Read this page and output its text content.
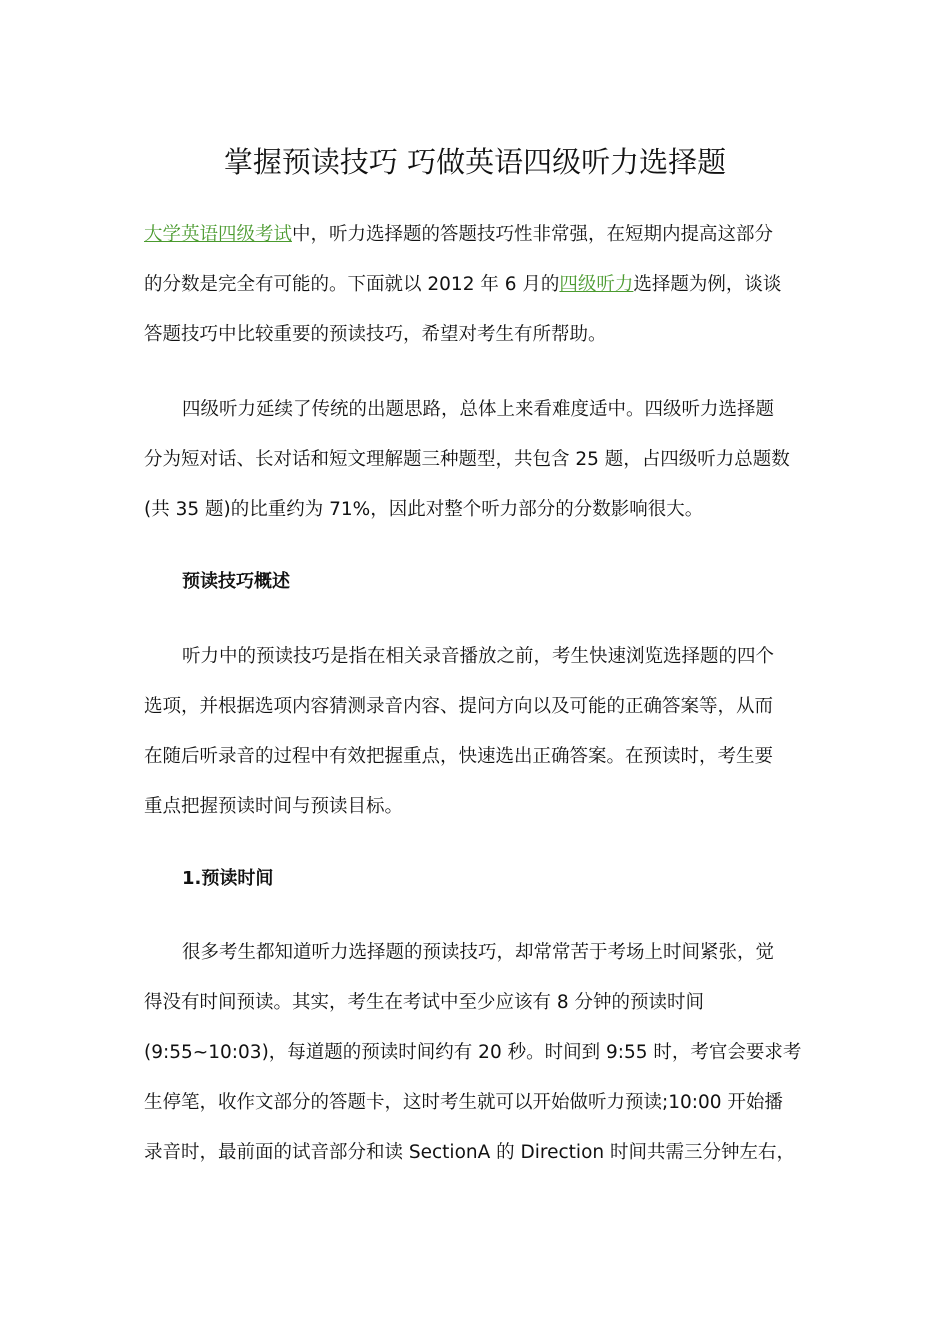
掌握预读技巧 巧做英语四级听力选择题

大学英语四级考试中，听力选择题的答题技巧性非常强，在短期内提高这部分
的分数是完全有可能的。下面就以 2012 年 6 月的四级听力选择题为例，谈谈
答题技巧中比较重要的预读技巧，希望对考生有所帮助。

四级听力延续了传统的出题思路，总体上来看难度适中。四级听力选择题
分为短对话、长对话和短文理解题三种题型，共包含 25 题，占四级听力总题数
(共 35 题)的比重约为 71%，因此对整个听力部分的分数影响很大。

预读技巧概述

听力中的预读技巧是指在相关录音播放之前，考生快速浏览选择题的四个
选项，并根据选项内容猜测录音内容、提问方向以及可能的正确答案等，从而
在随后听录音的过程中有效把握重点，快速选出正确答案。在预读时，考生要
重点把握预读时间与预读目标。

1.预读时间

很多考生都知道听力选择题的预读技巧，却常常苦于考场上时间紧张，觉
得没有时间预读。其实，考生在考试中至少应该有 8 分钟的预读时间
(9:55~10:03)，每道题的预读时间约有 20 秒。时间到 9:55 时，考官会要求考
生停笔，收作文部分的答题卡，这时考生就可以开始做听力预读;10:00 开始播
录音时，最前面的试音部分和读 SectionA 的 Direction 时间共需三分钟左右，
